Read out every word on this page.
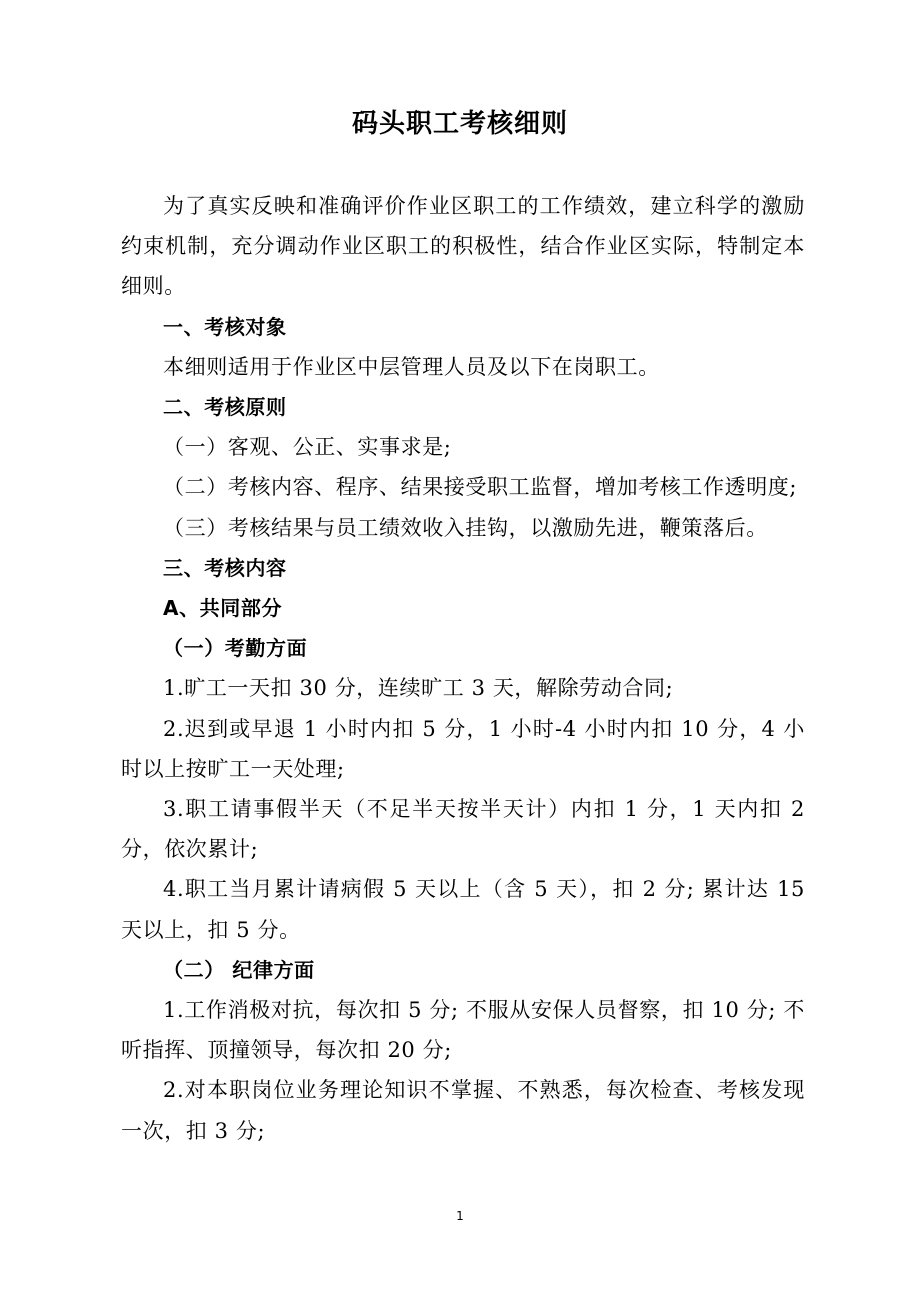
码头职工考核细则

为了真实反映和准确评价作业区职工的工作绩效，建立科学的激励约束机制，充分调动作业区职工的积极性，结合作业区实际，特制定本细则。

一、考核对象

本细则适用于作业区中层管理人员及以下在岗职工。

二、考核原则

（一）客观、公正、实事求是;

（二）考核内容、程序、结果接受职工监督，增加考核工作透明度;

（三）考核结果与员工绩效收入挂钩，以激励先进，鞭策落后。

三、考核内容

A、共同部分

（一）考勤方面

1.旷工一天扣 30 分，连续旷工 3 天，解除劳动合同;

2.迟到或早退 1 小时内扣 5 分，1 小时-4 小时内扣 10 分，4 小时以上按旷工一天处理;

3.职工请事假半天（不足半天按半天计）内扣 1 分，1 天内扣 2 分，依次累计;

4.职工当月累计请病假 5 天以上（含 5 天），扣 2 分; 累计达 15 天以上，扣 5 分。

（二） 纪律方面

1.工作消极对抗，每次扣 5 分; 不服从安保人员督察，扣 10 分; 不听指挥、顶撞领导，每次扣 20 分;

2.对本职岗位业务理论知识不掌握、不熟悉，每次检查、考核发现一次，扣 3 分;

1
